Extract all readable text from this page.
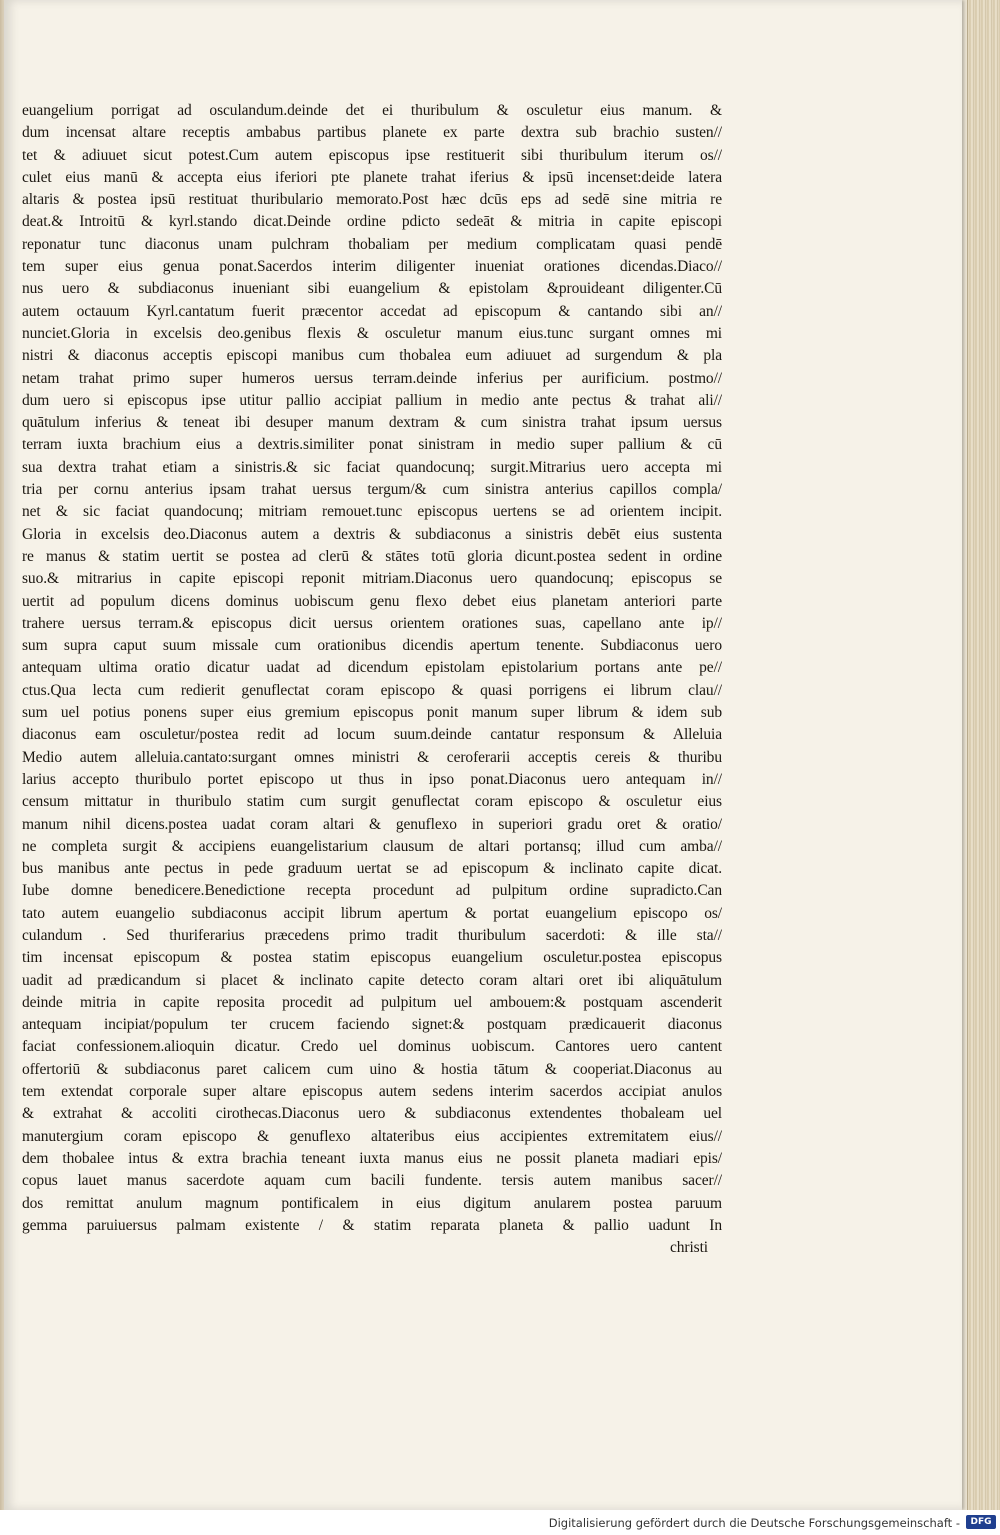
euangelium porrigat ad osculandum.deinde det ei thuribulum & osculetur eius manum. &
dum incensat altare receptis ambabus partibus planete ex parte dextra sub brachio susten//
tet & adiuuet sicut potest.Cum autem episcopus ipse restituerit sibi thuribulum iterum os//
culet eius manū & accepta eius iferiori pte planete trahat iferius & ipsū incenset:deide latera
altaris & postea ipsū restituat thuribulario memorato.Post hæc dcūs eps ad sedē sine mitria re
deat.& Introitū & kyrl.stando dicat.Deinde ordine pdicto sedeāt & mitria in capite episcopi
reponatur tunc diaconus unam pulchram thobaliam per medium complicatam quasi pendē
tem super eius genua ponat.Sacerdos interim diligenter inueniat orationes dicendas.Diaco//
nus uero & subdiaconus inueniant sibi euangelium & epistolam &prouideant diligenter.Cū
autem octauum Kyrl.cantatum fuerit præcentor accedat ad episcopum & cantando sibi an//
nunciet.Gloria in excelsis deo.genibus flexis & osculetur manum eius.tunc surgant omnes mi
nistri & diaconus acceptis episcopi manibus cum thobalea eum adiuuet ad surgendum & pla
netam trahat primo super humeros uersus terram.deinde inferius per aurificium. postmo//
dum uero si episcopus ipse utitur pallio accipiat pallium in medio ante pectus & trahat ali//
quātulum inferius & teneat ibi desuper manum dextram & cum sinistra trahat ipsum uersus
terram iuxta brachium eius a dextris.similiter ponat sinistram in medio super pallium & cū
sua dextra trahat etiam a sinistris.& sic faciat quandocunq; surgit.Mitrarius uero accepta mi
tria per cornu anterius ipsam trahat uersus tergum/& cum sinistra anterius capillos compla/
net & sic faciat quandocunq; mitriam remouet.tunc episcopus uertens se ad orientem incipit.
Gloria in excelsis deo.Diaconus autem a dextris & subdiaconus a sinistris debēt eius sustenta
re manus & statim uertit se postea ad clerū & stātes totū gloria dicunt.postea sedent in ordine
suo.& mitrarius in capite episcopi reponit mitriam.Diaconus uero quandocunq; episcopus se
uertit ad populum dicens dominus uobiscum genu flexo debet eius planetam anteriori parte
trahere uersus terram.& episcopus dicit uersus orientem orationes suas, capellano ante ip//
sum supra caput suum missale cum orationibus dicendis apertum tenente. Subdiaconus uero
antequam ultima oratio dicatur uadat ad dicendum epistolam epistolarium portans ante pe//
ctus.Qua lecta cum redierit genuflectat coram episcopo & quasi porrigens ei librum clau//
sum uel potius ponens super eius gremium episcopus ponit manum super librum & idem sub
diaconus eam osculetur/postea redit ad locum suum.deinde cantatur responsum & Alleluia
Medio autem alleluia.cantato:surgant omnes ministri & ceroferarii acceptis cereis & thuribu
larius accepto thuribulo portet episcopo ut thus in ipso ponat.Diaconus uero antequam in//
censum mittatur in thuribulo statim cum surgit genuflectat coram episcopo & osculetur eius
manum nihil dicens.postea uadat coram altari & genuflexo in superiori gradu oret & oratio/
ne completa surgit & accipiens euangelistarium clausum de altari portansq; illud cum amba//
bus manibus ante pectus in pede graduum uertat se ad episcopum & inclinato capite dicat.
Iube domne benedicere.Benedictione recepta procedunt ad pulpitum ordine supradicto.Can
tato autem euangelio subdiaconus accipit librum apertum & portat euangelium episcopo os/
culandum . Sed thuriferarius præcedens primo tradit thuribulum sacerdoti: & ille sta//
tim incensat episcopum & postea statim episcopus euangelium osculetur.postea episcopus
uadit ad prædicandum si placet & inclinato capite detecto coram altari oret ibi aliquātulum
deinde mitria in capite reposita procedit ad pulpitum uel ambouem:& postquam ascenderit
antequam incipiat/populum ter crucem faciendo signet:& postquam prædicauerit diaconus
faciat confessionem.alioquin dicatur. Credo uel dominus uobiscum. Cantores uero cantent
offertoriū & subdiaconus paret calicem cum uino & hostia tātum & cooperiat.Diaconus au
tem extendat corporale super altare episcopus autem sedens interim sacerdos accipiat anulos
& extrahat & accoliti cirothecas.Diaconus uero & subdiaconus extendentes thobaleam uel
manutergium coram episcopo & genuflexo altateribus eius accipientes extremitatem eius//
dem thobalee intus & extra brachia teneant iuxta manus eius ne possit planeta madiari epis/
copus lauet manus sacerdote aquam cum bacili fundente. tersis autem manibus sacer//
dos remittat anulum magnum pontificalem in eius digitum anularem postea paruum
gemma paruiuersus palmam existente / & statim reparata planeta & pallio uadunt In
christi
Digitalisierung gefördert durch die Deutsche Forschungsgemeinschaft -	DFG
